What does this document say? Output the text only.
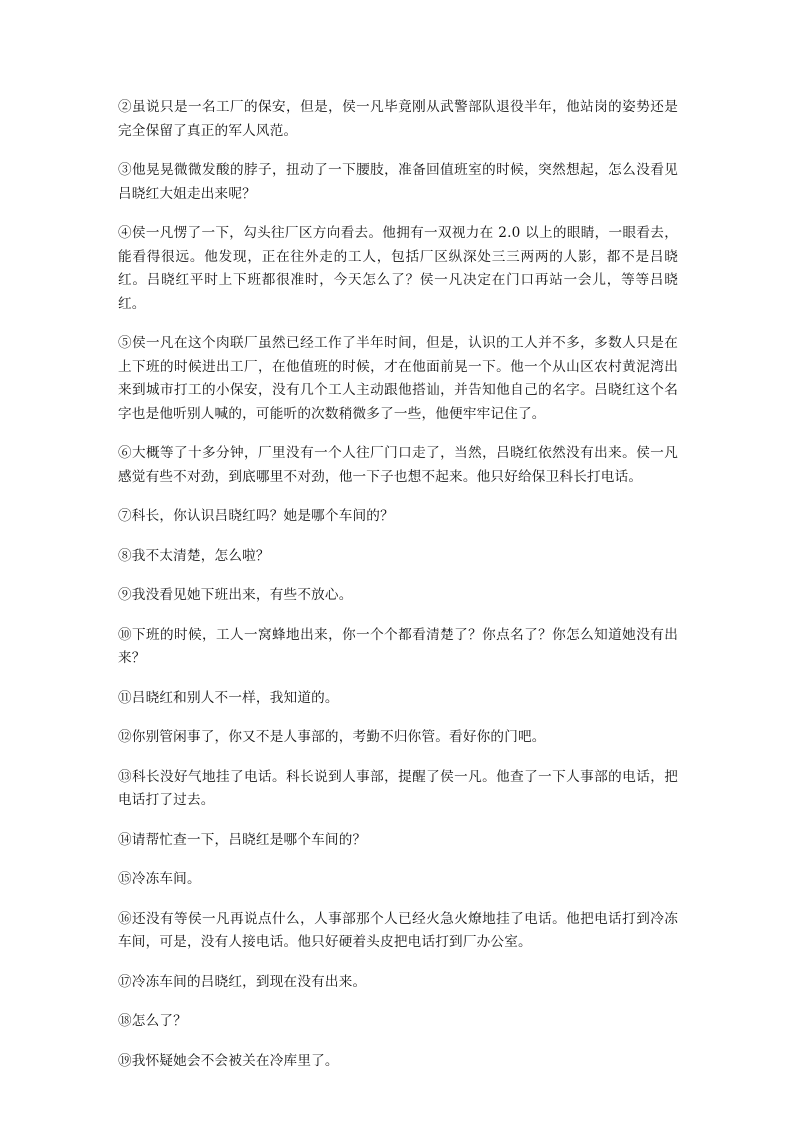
②虽说只是一名工厂的保安，但是，侯一凡毕竟刚从武警部队退役半年，他站岗的姿势还是完全保留了真正的军人风范。

③他晃晃微微发酸的脖子，扭动了一下腰肢，准备回值班室的时候，突然想起，怎么没看见吕晓红大姐走出来呢？

④侯一凡愣了一下，勾头往厂区方向看去。他拥有一双视力在 2.0 以上的眼睛，一眼看去，能看得很远。他发现，正在往外走的工人，包括厂区纵深处三三两两的人影，都不是吕晓红。吕晓红平时上下班都很准时，今天怎么了？侯一凡决定在门口再站一会儿，等等吕晓红。

⑤侯一凡在这个肉联厂虽然已经工作了半年时间，但是，认识的工人并不多，多数人只是在上下班的时候进出工厂，在他值班的时候，才在他面前晃一下。他一个从山区农村黄泥湾出来到城市打工的小保安，没有几个工人主动跟他搭讪，并告知他自己的名字。吕晓红这个名字也是他听别人喊的，可能听的次数稍微多了一些，他便牢牢记住了。

⑥大概等了十多分钟，厂里没有一个人往厂门口走了，当然，吕晓红依然没有出来。侯一凡感觉有些不对劲，到底哪里不对劲，他一下子也想不起来。他只好给保卫科长打电话。

⑦科长，你认识吕晓红吗？她是哪个车间的？

⑧我不太清楚，怎么啦？

⑨我没看见她下班出来，有些不放心。

⑩下班的时候，工人一窝蜂地出来，你一个个都看清楚了？你点名了？你怎么知道她没有出来？

⑪吕晓红和别人不一样，我知道的。

⑫你别管闲事了，你又不是人事部的，考勤不归你管。看好你的门吧。

⑬科长没好气地挂了电话。科长说到人事部，提醒了侯一凡。他查了一下人事部的电话，把电话打了过去。

⑭请帮忙查一下，吕晓红是哪个车间的？

⑮冷冻车间。

⑯还没有等侯一凡再说点什么，人事部那个人已经火急火燎地挂了电话。他把电话打到冷冻车间，可是，没有人接电话。他只好硬着头皮把电话打到厂办公室。

⑰冷冻车间的吕晓红，到现在没有出来。

⑱怎么了？

⑲我怀疑她会不会被关在冷库里了。
